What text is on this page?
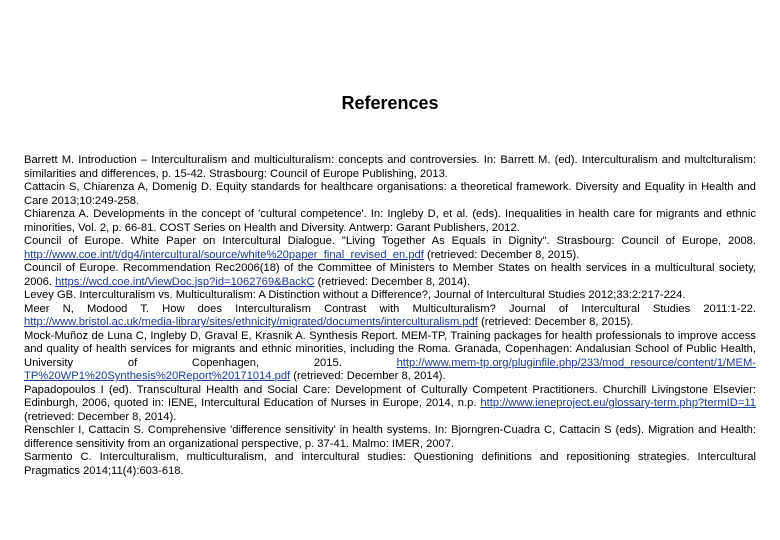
References

Barrett M. Introduction – Interculturalism and multiculturalism: concepts and controversies. In: Barrett M. (ed). Interculturalism and multclturalism: similarities and differences, p. 15-42. Strasbourg: Council of Europe Publishing, 2013.

Cattacin S, Chiarenza A, Domenig D. Equity standards for healthcare organisations: a theoretical framework. Diversity and Equality in Health and Care 2013;10:249-258.

Chiarenza A. Developments in the concept of 'cultural competence'. In: Ingleby D, et al. (eds). Inequalities in health care for migrants and ethnic minorities, Vol. 2, p. 66-81. COST Series on Health and Diversity. Antwerp: Garant Publishers, 2012.

Council of Europe. White Paper on Intercultural Dialogue. "Living Together As Equals in Dignity". Strasbourg: Council of Europe, 2008. http://www.coe.int/t/dg4/intercultural/source/white%20paper_final_revised_en.pdf (retrieved: December 8, 2015).

Council of Europe. Recommendation Rec2006(18) of the Committee of Ministers to Member States on health services in a multicultural society, 2006. https://wcd.coe.int/ViewDoc.jsp?id=1062769&BackC (retrieved: December 8, 2014).

Levey GB. Interculturalism vs. Multiculturalism: A Distinction without a Difference?, Journal of Intercultural Studies 2012;33:2:217-224.

Meer N, Modood T. How does Interculturalism Contrast with Multiculturalism? Journal of Intercultural Studies 2011:1-22. http://www.bristol.ac.uk/media-library/sites/ethnicity/migrated/documents/interculturalism.pdf (retrieved: December 8, 2015).

Mock-Muñoz de Luna C, Ingleby D, Graval E, Krasnik A. Synthesis Report. MEM-TP, Training packages for health professionals to improve access and quality of health services for migrants and ethnic minorities, including the Roma. Granada, Copenhagen: Andalusian School of Public Health, University of Copenhagen, 2015. http://www.mem-tp.org/pluginfile.php/233/mod_resource/content/1/MEM-TP%20WP1%20Synthesis%20Report%20171014.pdf (retrieved: December 8, 2014).

Papadopoulos I (ed). Transcultural Health and Social Care: Development of Culturally Competent Practitioners. Churchill Livingstone Elsevier: Edinburgh, 2006, quoted in: IENE, Intercultural Education of Nurses in Europe, 2014, n.p. http://www.ieneproject.eu/glossary-term.php?termID=11 (retrieved: December 8, 2014).

Renschler I, Cattacin S. Comprehensive 'difference sensitivity' in health systems. In: Bjorngren-Cuadra C, Cattacin S (eds). Migration and Health: difference sensitivity from an organizational perspective, p. 37-41. Malmo: IMER, 2007.

Sarmento C. Interculturalism, multiculturalism, and intercultural studies: Questioning definitions and repositioning strategies. Intercultural Pragmatics 2014;11(4):603-618.
